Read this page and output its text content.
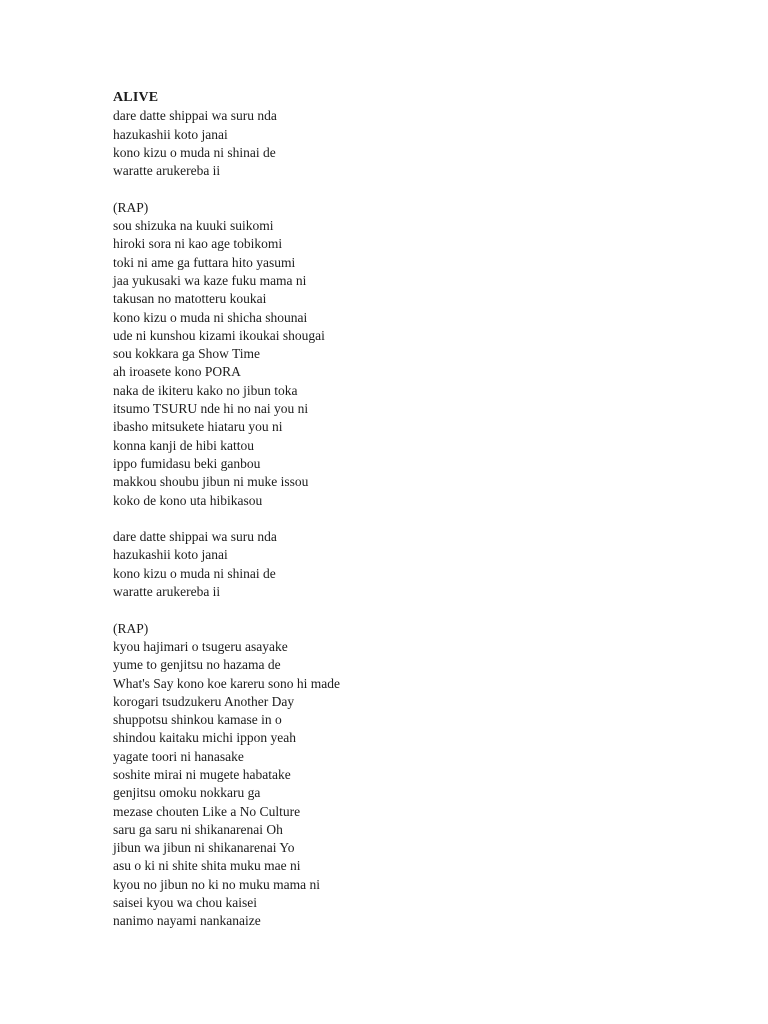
ALIVE

dare datte shippai wa suru nda

hazukashii koto janai

kono kizu o muda ni shinai de

waratte arukereba ii

(RAP)

sou shizuka na kuuki suikomi

hiroki sora ni kao age tobikomi

toki ni ame ga futtara hito yasumi

jaa yukusaki wa kaze fuku mama ni

takusan no matotteru koukai

kono kizu o muda ni shicha shounai

ude ni kunshou kizami ikoukai shougai

sou kokkara ga Show Time

ah iroasete kono PORA

naka de ikiteru kako no jibun toka

itsumo TSURU nde hi no nai you ni

ibasho mitsukete hiataru you ni

konna kanji de hibi kattou

ippo fumidasu beki ganbou

makkou shoubu jibun ni muke issou

koko de kono uta hibikasou

dare datte shippai wa suru nda

hazukashii koto janai

kono kizu o muda ni shinai de

waratte arukereba ii

(RAP)

kyou hajimari o tsugeru asayake

yume to genjitsu no hazama de

What's Say kono koe kareru sono hi made

korogari tsudzukeru Another Day

shuppotsu shinkou kamase in o

shindou kaitaku michi ippon yeah

yagate toori ni hanasake

soshite mirai ni mugete habatake

genjitsu omoku nokkaru ga

mezase chouten Like a No Culture

saru ga saru ni shikanarenai Oh

jibun wa jibun ni shikanarenai Yo

asu o ki ni shite shita muku mae ni

kyou no jibun no ki no muku mama ni

saisei kyou wa chou kaisei

nanimo nayami nankanaize
